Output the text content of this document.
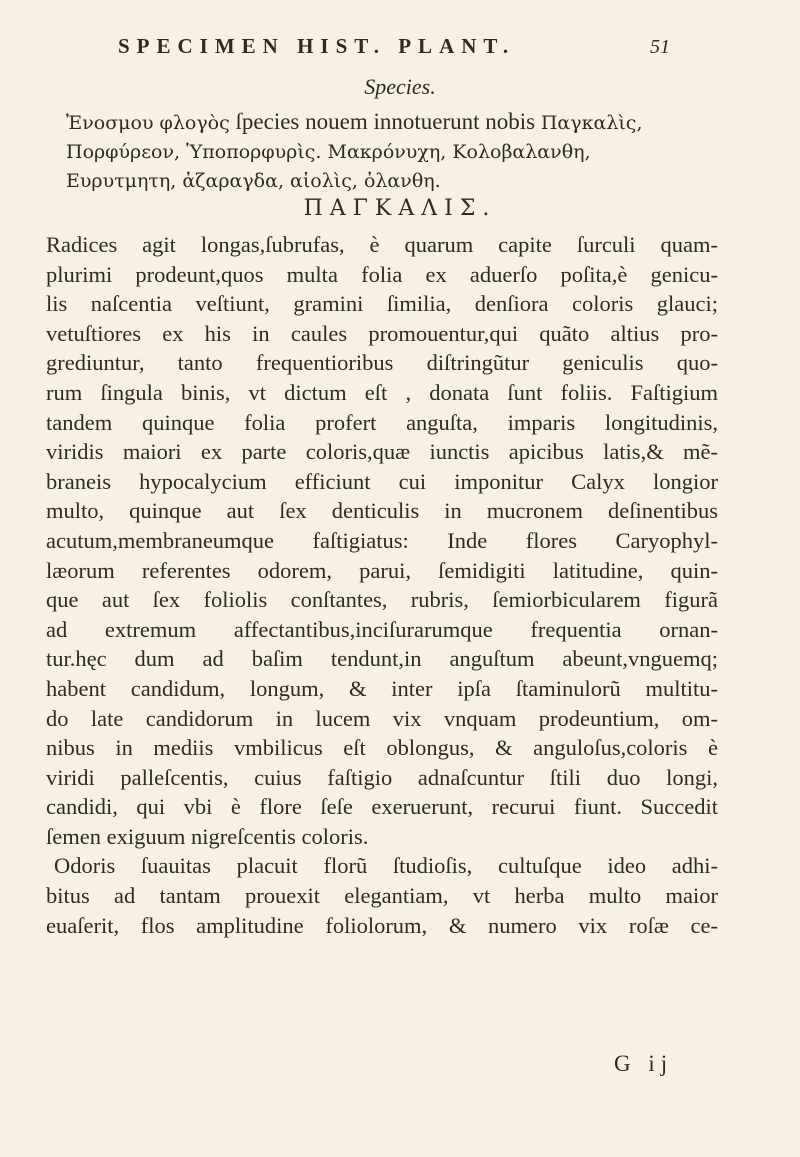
SPECIMEN HIST. PLANT.	51
Species.

Ἐνοσμου φλογὸς ſpecies nouem innotuerunt nobis Παγκαλὶς, Πορφύρεον, Ὑποπορφυρὶς. Μακρόνυχη, Κολοβαλανθη, Ευρυτμητη, ἀζαραγδα, αἰολὶς, ὀλανθη.

ΠΑΓΚΑΛΙΣ.
Radices agit longas,ſubrufas, è quarum capite ſurculi quam-
plurimi prodeunt,quos multa folia ex aduerſo poſita,è genicu-
lis naſcentia veſtiunt, gramini ſimilia, denſiora coloris glauci;
vetuſtiores ex his in caules promouentur,qui quãto altius pro-
grediuntur, tanto frequentioribus diſtringũtur geniculis quo-
rum ſingula binis, vt dictum eſt , donata ſunt foliis. Faſtigium
tandem quinque folia profert anguſta, imparis longitudinis,
viridis maiori ex parte coloris,quæ iunctis apicibus latis,& mẽ-
braneis hypocalycium efficiunt cui imponitur Calyx longior
multo, quinque aut ſex denticulis in mucronem deſinentibus
acutum,membraneumque faſtigiatus: Inde flores Caryophyl-
læorum referentes odorem, parui, ſemidigiti latitudine, quin-
que aut ſex foliolis conſtantes, rubris, ſemiorbicularem figurã
ad extremum affectantibus,inciſurarumque frequentia ornan-
tur.hęc dum ad baſim tendunt,in anguſtum abeunt,vnguemq;
habent candidum, longum, & inter ipſa ſtaminulorũ multitu-
do late candidorum in lucem vix vnquam prodeuntium, om-
nibus in mediis vmbilicus eſt oblongus, & anguloſus,coloris è
viridi palleſcentis, cuius faſtigio adnaſcuntur ſtili duo longi,
candidi, qui vbi è flore ſeſe exeruerunt, recurui fiunt. Succedit
ſemen exiguum nigreſcentis coloris.
Odoris ſuauitas placuit florũ ſtudioſis, cultuſque ideo adhi-
bitus ad tantam prouexit elegantiam, vt herba multo maior
euaſerit, flos amplitudine foliolorum, & numero vix roſæ ce-
G ij
